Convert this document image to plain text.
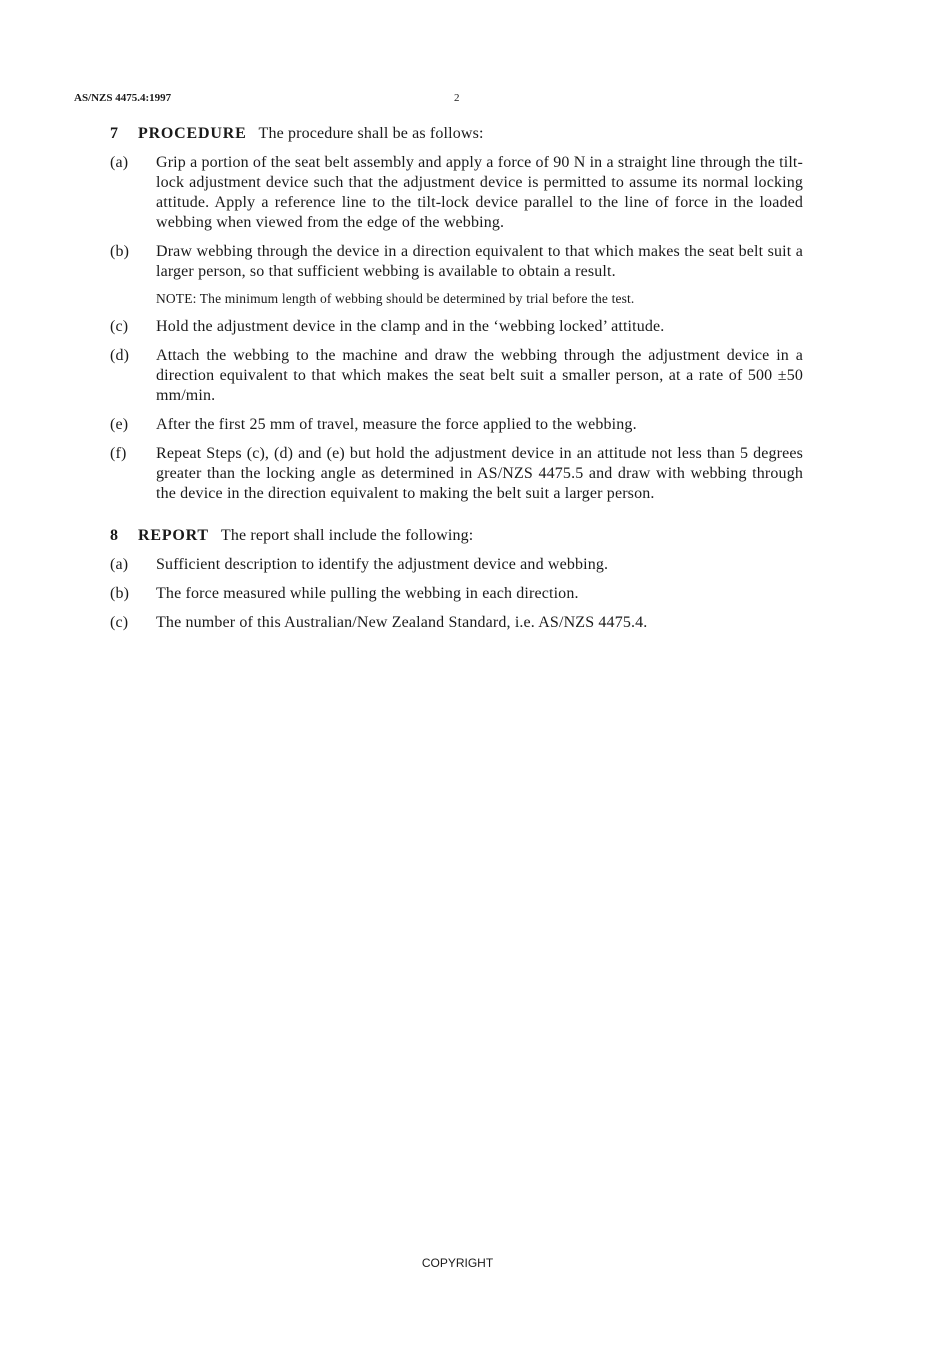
AS/NZS 4475.4:1997	2
7 PROCEDURE The procedure shall be as follows:
(a)	Grip a portion of the seat belt assembly and apply a force of 90 N in a straight line through the tilt-lock adjustment device such that the adjustment device is permitted to assume its normal locking attitude. Apply a reference line to the tilt-lock device parallel to the line of force in the loaded webbing when viewed from the edge of the webbing.
(b)	Draw webbing through the device in a direction equivalent to that which makes the seat belt suit a larger person, so that sufficient webbing is available to obtain a result.
NOTE: The minimum length of webbing should be determined by trial before the test.
(c)	Hold the adjustment device in the clamp and in the ‘webbing locked’ attitude.
(d)	Attach the webbing to the machine and draw the webbing through the adjustment device in a direction equivalent to that which makes the seat belt suit a smaller person, at a rate of 500 ±50 mm/min.
(e)	After the first 25 mm of travel, measure the force applied to the webbing.
(f)	Repeat Steps (c), (d) and (e) but hold the adjustment device in an attitude not less than 5 degrees greater than the locking angle as determined in AS/NZS 4475.5 and draw with webbing through the device in the direction equivalent to making the belt suit a larger person.
8 REPORT The report shall include the following:
(a)	Sufficient description to identify the adjustment device and webbing.
(b)	The force measured while pulling the webbing in each direction.
(c)	The number of this Australian/New Zealand Standard, i.e. AS/NZS 4475.4.
COPYRIGHT
